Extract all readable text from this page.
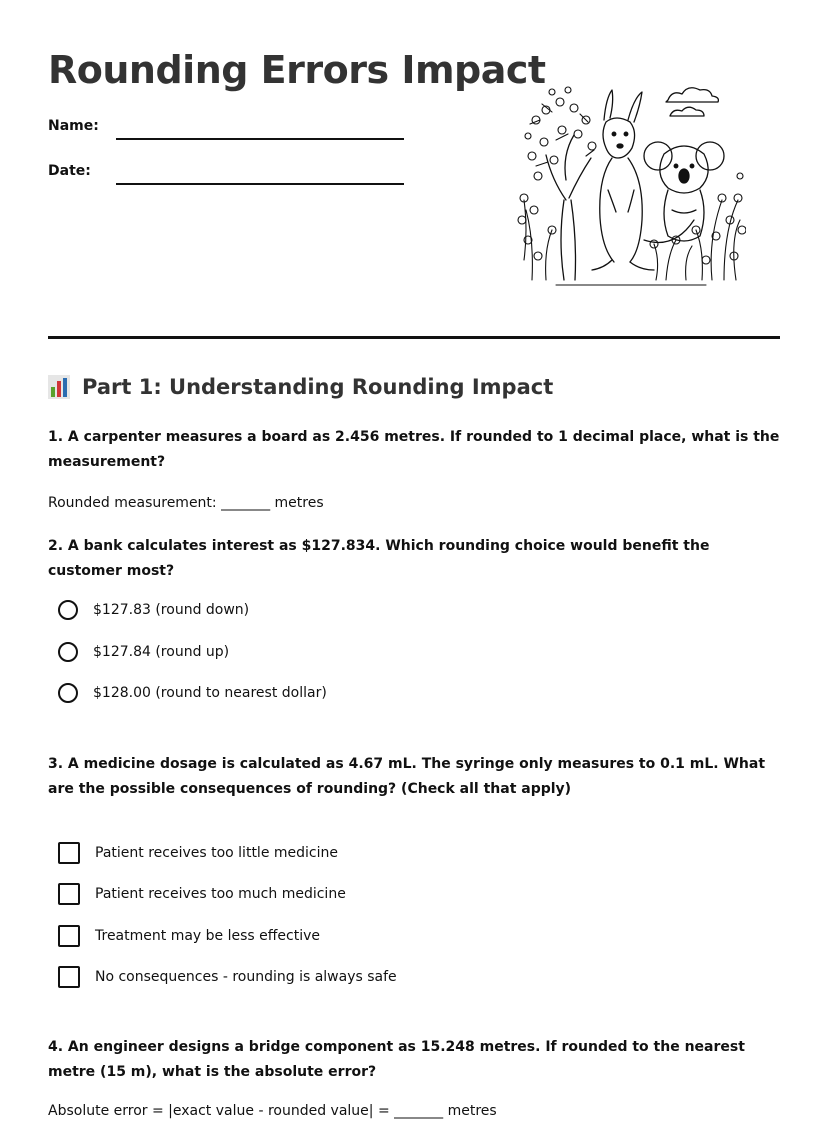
Rounding Errors Impact
Name:
Date:
Part 1: Understanding Rounding Impact

1. A carpenter measures a board as 2.456 metres. If rounded to 1 decimal place, what is the measurement?

Rounded measurement: _______ metres

2. A bank calculates interest as $127.834. Which rounding choice would benefit the customer most?

$127.83 (round down)
$127.84 (round up)
$128.00 (round to nearest dollar)

3. A medicine dosage is calculated as 4.67 mL. The syringe only measures to 0.1 mL. What are the possible consequences of rounding? (Check all that apply)

Patient receives too little medicine
Patient receives too much medicine
Treatment may be less effective
No consequences - rounding is always safe

4. An engineer designs a bridge component as 15.248 metres. If rounded to the nearest metre (15 m), what is the absolute error?

Absolute error = |exact value - rounded value| = _______ metres
